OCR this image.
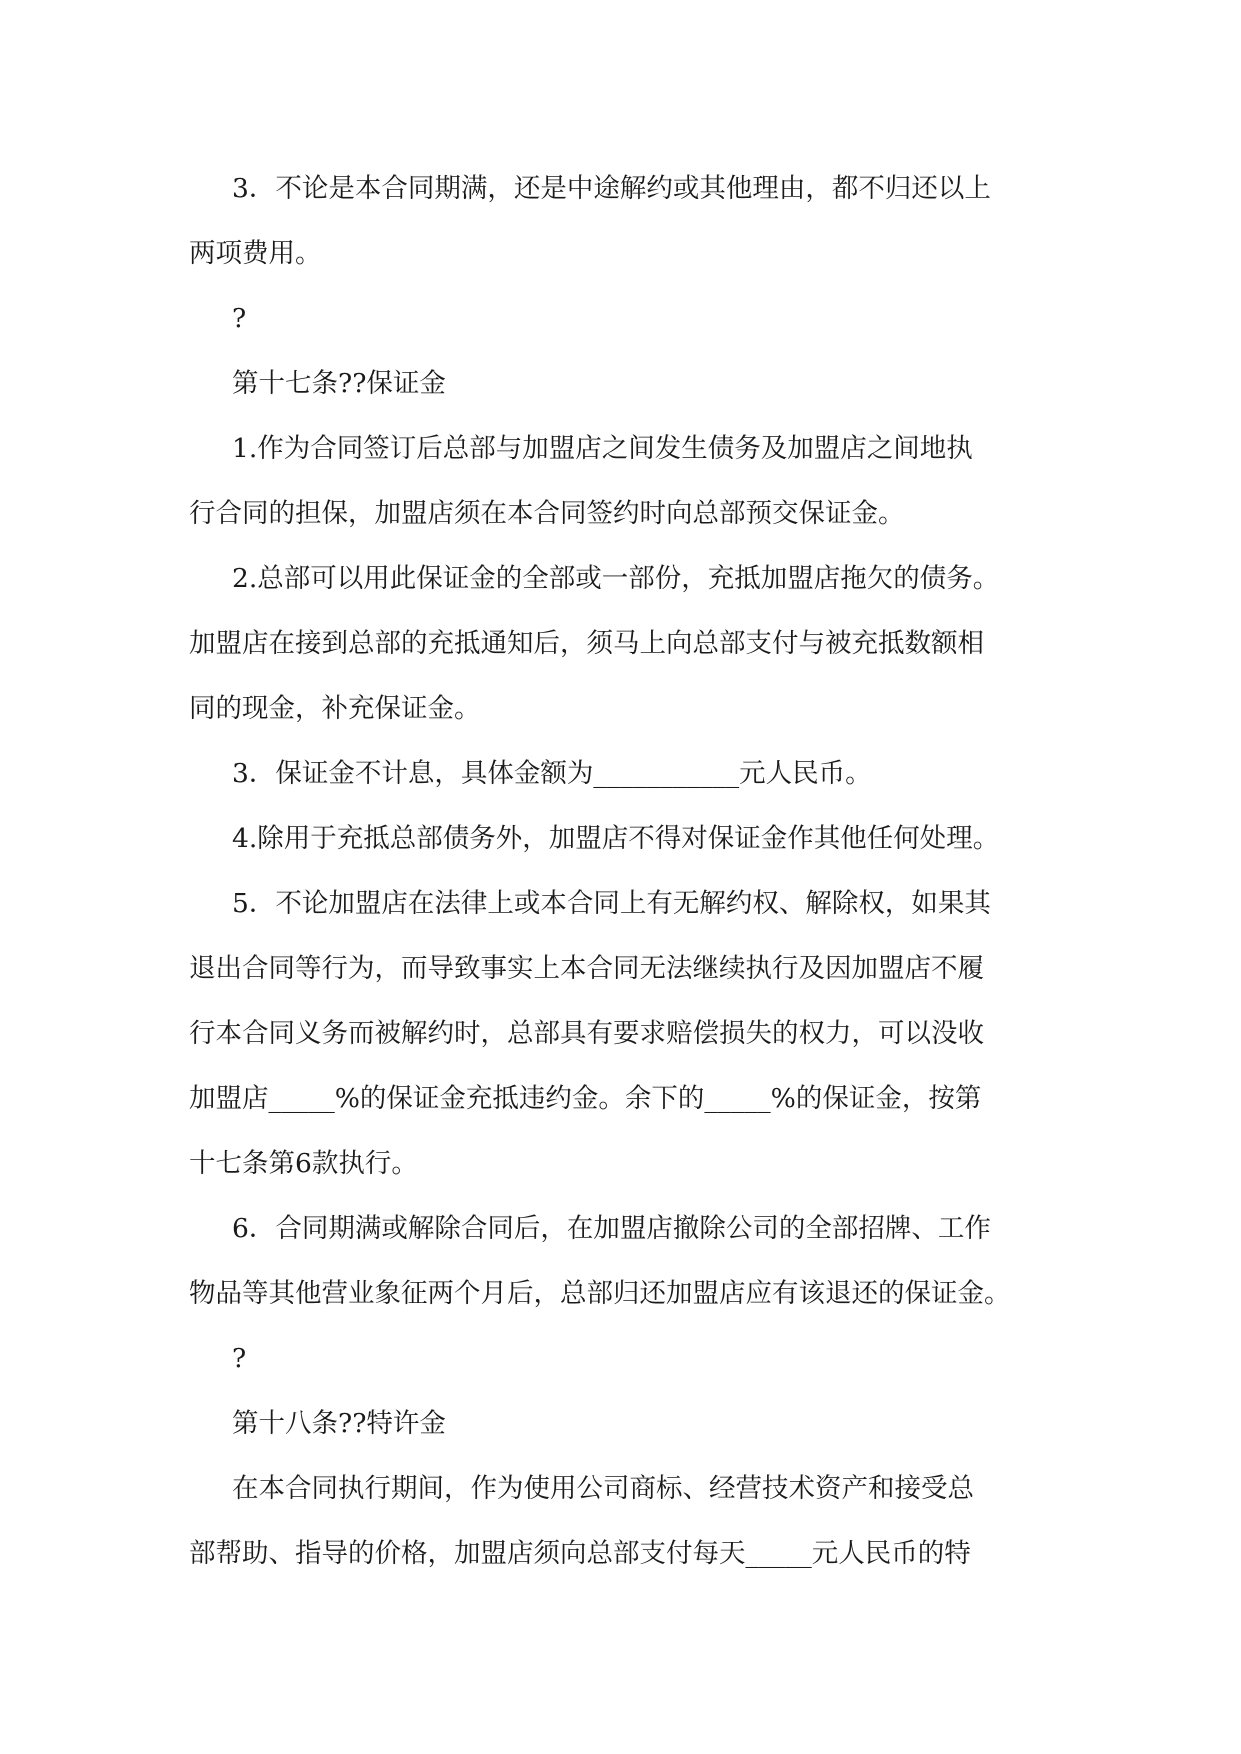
3．不论是本合同期满，还是中途解约或其他理由，都不归还以上
两项费用。
?
第十七条??保证金
1.作为合同签订后总部与加盟店之间发生债务及加盟店之间地执
行合同的担保，加盟店须在本合同签约时向总部预交保证金。
2.总部可以用此保证金的全部或一部份，充抵加盟店拖欠的债务。
加盟店在接到总部的充抵通知后，须马上向总部支付与被充抵数额相
同的现金，补充保证金。
3．保证金不计息，具体金额为___________元人民币。
4.除用于充抵总部债务外，加盟店不得对保证金作其他任何处理。
5．不论加盟店在法律上或本合同上有无解约权、解除权，如果其
退出合同等行为，而导致事实上本合同无法继续执行及因加盟店不履
行本合同义务而被解约时，总部具有要求赔偿损失的权力，可以没收
加盟店_____%的保证金充抵违约金。余下的_____%的保证金，按第
十七条第6款执行。
6．合同期满或解除合同后，在加盟店撤除公司的全部招牌、工作
物品等其他营业象征两个月后，总部归还加盟店应有该退还的保证金。
?
第十八条??特许金
在本合同执行期间，作为使用公司商标、经营技术资产和接受总
部帮助、指导的价格，加盟店须向总部支付每天_____元人民币的特
